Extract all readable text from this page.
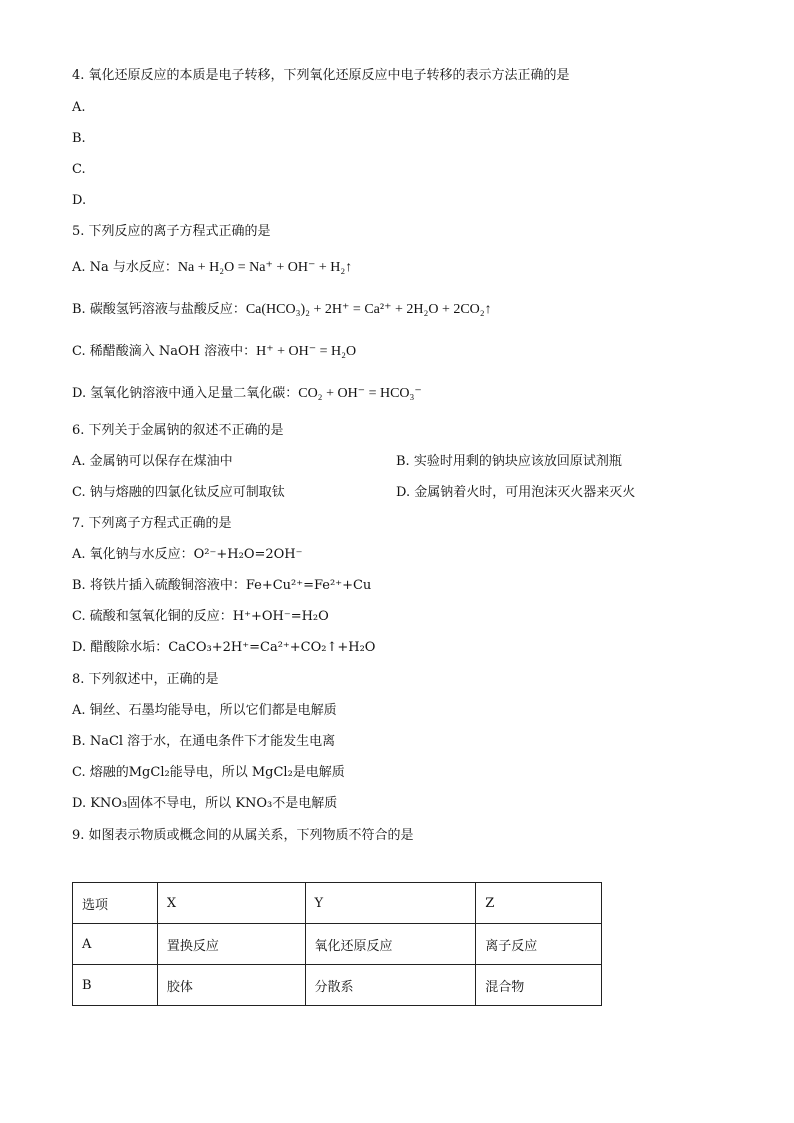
4. 氧化还原反应的本质是电子转移，下列氧化还原反应中电子转移的表示方法正确的是
A.
B.
C.
D.
5. 下列反应的离子方程式正确的是
A. Na 与水反应：Na + H₂O = Na⁺ + OH⁻ + H₂↑
B. 碳酸氢钙溶液与盐酸反应：Ca(HCO₃)₂ + 2H⁺ = Ca²⁺ + 2H₂O + 2CO₂↑
C. 稀醋酸滴入 NaOH 溶液中：H⁺ + OH⁻ = H₂O
D. 氢氧化钠溶液中通入足量二氧化碳：CO₂ + OH⁻ = HCO₃⁻
6. 下列关于金属钠的叙述不正确的是
A. 金属钠可以保存在煤油中	B. 实验时用剩的钠块应该放回原试剂瓶
C. 钠与熔融的四氯化钛反应可制取钛	D. 金属钠着火时，可用泡沫灭火器来灭火
7. 下列离子方程式正确的是
A. 氧化钠与水反应：O²⁻+H₂O=2OH⁻
B. 将铁片插入硫酸铜溶液中：Fe+Cu²⁺=Fe²⁺+Cu
C. 硫酸和氢氧化铜的反应：H⁺+OH⁻=H₂O
D. 醋酸除水垢：CaCO₃+2H⁺=Ca²⁺+CO₂↑+H₂O
8. 下列叙述中，正确的是
A. 铜丝、石墨均能导电，所以它们都是电解质
B. NaCl 溶于水，在通电条件下才能发生电离
C. 熔融的MgCl₂能导电，所以 MgCl₂是电解质
D. KNO₃固体不导电，所以 KNO₃不是电解质
9. 如图表示物质或概念间的从属关系，下列物质不符合的是
选项	X	Y	Z
A	置换反应	氧化还原反应	离子反应
B	胶体	分散系	混合物
